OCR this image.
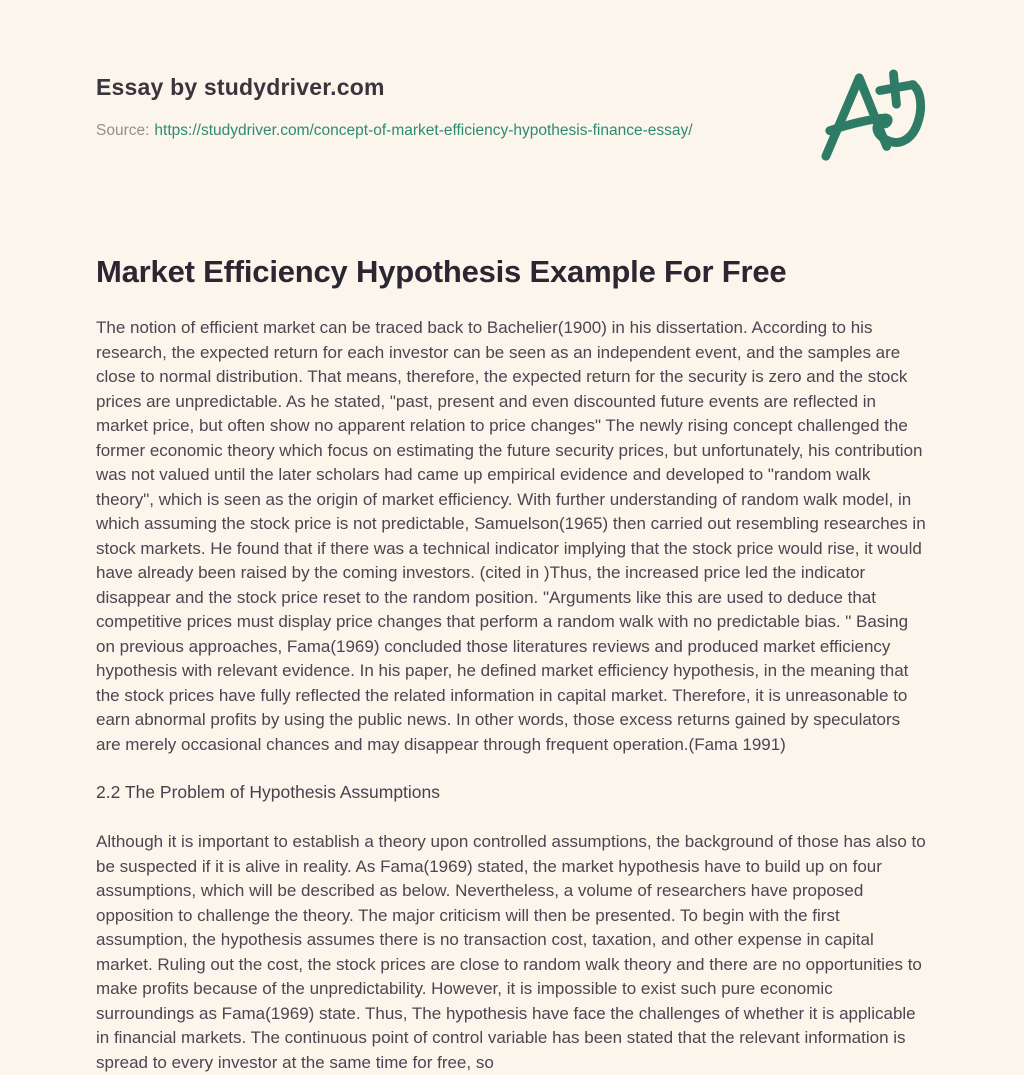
Essay by studydriver.com
Source: https://studydriver.com/concept-of-market-efficiency-hypothesis-finance-essay/
Market Efficiency Hypothesis Example For Free

The notion of efficient market can be traced back to Bachelier(1900) in his dissertation. According to his research, the expected return for each investor can be seen as an independent event, and the samples are close to normal distribution. That means, therefore, the expected return for the security is zero and the stock prices are unpredictable. As he stated, "past, present and even discounted future events are reflected in market price, but often show no apparent relation to price changes" The newly rising concept challenged the former economic theory which focus on estimating the future security prices, but unfortunately, his contribution was not valued until the later scholars had came up empirical evidence and developed to "random walk theory", which is seen as the origin of market efficiency. With further understanding of random walk model, in which assuming the stock price is not predictable, Samuelson(1965) then carried out resembling researches in stock markets. He found that if there was a technical indicator implying that the stock price would rise, it would have already been raised by the coming investors. (cited in )Thus, the increased price led the indicator disappear and the stock price reset to the random position. "Arguments like this are used to deduce that competitive prices must display price changes that perform a random walk with no predictable bias. " Basing on previous approaches, Fama(1969) concluded those literatures reviews and produced market efficiency hypothesis with relevant evidence. In his paper, he defined market efficiency hypothesis, in the meaning that the stock prices have fully reflected the related information in capital market. Therefore, it is unreasonable to earn abnormal profits by using the public news. In other words, those excess returns gained by speculators are merely occasional chances and may disappear through frequent operation.(Fama 1991)

2.2 The Problem of Hypothesis Assumptions

Although it is important to establish a theory upon controlled assumptions, the background of those has also to be suspected if it is alive in reality. As Fama(1969) stated, the market hypothesis have to build up on four assumptions, which will be described as below. Nevertheless, a volume of researchers have proposed opposition to challenge the theory. The major criticism will then be presented. To begin with the first assumption, the hypothesis assumes there is no transaction cost, taxation, and other expense in capital market. Ruling out the cost, the stock prices are close to random walk theory and there are no opportunities to make profits because of the unpredictability. However, it is impossible to exist such pure economic surroundings as Fama(1969) state. Thus, The hypothesis have face the challenges of whether it is applicable in financial markets. The continuous point of control variable has been stated that the relevant information is spread to every investor at the same time for free, so
